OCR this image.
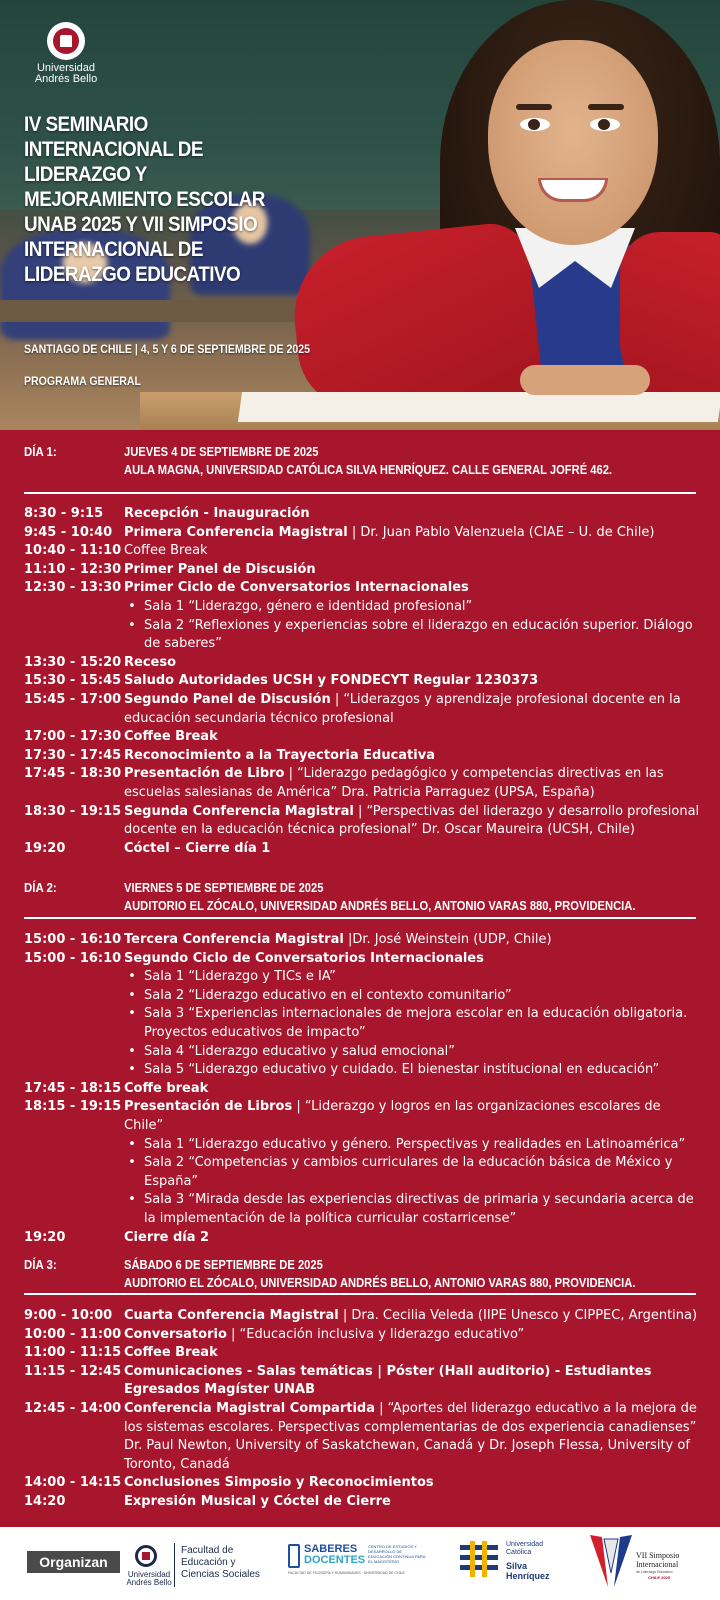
Universidad Andrés Bello
IV SEMINARIO INTERNACIONAL DE LIDERAZGO Y MEJORAMIENTO ESCOLAR UNAB 2025 Y VII SIMPOSIO INTERNACIONAL DE LIDERAZGO EDUCATIVO
SANTIAGO DE CHILE | 4, 5 Y 6 DE SEPTIEMBRE DE 2025
PROGRAMA GENERAL
DÍA 1:	JUEVES 4 DE SEPTIEMBRE DE 2025
AULA MAGNA, UNIVERSIDAD CATÓLICA SILVA HENRÍQUEZ. CALLE GENERAL JOFRÉ 462.
8:30 - 9:15	Recepción - Inauguración
9:45 - 10:40 Primera Conferencia Magistral | Dr. Juan Pablo Valenzuela (CIAE – U. de Chile)
10:40 - 11:10 Coffee Break
11:10 - 12:30 Primer Panel de Discusión
12:30 - 13:30 Primer Ciclo de Conversatorios Internacionales
• Sala 1 “Liderazgo, género e identidad profesional”
• Sala 2 “Reflexiones y experiencias sobre el liderazgo en educación superior. Diálogo de saberes”
13:30 - 15:20 Receso
15:30 - 15:45 Saludo Autoridades UCSH y FONDECYT Regular 1230373
15:45 - 17:00 Segundo Panel de Discusión | “Liderazgos y aprendizaje profesional docente en la educación secundaria técnico profesional
17:00 - 17:30 Coffee Break
17:30 - 17:45 Reconocimiento a la Trayectoria Educativa
17:45 - 18:30 Presentación de Libro | “Liderazgo pedagógico y competencias directivas en las escuelas salesianas de América” Dra. Patricia Parraguez (UPSA, España)
18:30 - 19:15 Segunda Conferencia Magistral | “Perspectivas del liderazgo y desarrollo profesional docente en la educación técnica profesional” Dr. Oscar Maureira (UCSH, Chile)
19:20	Cóctel – Cierre día 1
DÍA 2:	VIERNES 5 DE SEPTIEMBRE DE 2025
AUDITORIO EL ZÓCALO, UNIVERSIDAD ANDRÉS BELLO, ANTONIO VARAS 880, PROVIDENCIA.
15:00 - 16:10 Tercera Conferencia Magistral |Dr. José Weinstein (UDP, Chile)
15:00 - 16:10 Segundo Ciclo de Conversatorios Internacionales
• Sala 1 “Liderazgo y TICs e IA”
• Sala 2 “Liderazgo educativo en el contexto comunitario”
• Sala 3 “Experiencias internacionales de mejora escolar en la educación obligatoria. Proyectos educativos de impacto”
• Sala 4 “Liderazgo educativo y salud emocional”
• Sala 5 “Liderazgo educativo y cuidado. El bienestar institucional en educación”
17:45 - 18:15 Coffe break
18:15 - 19:15 Presentación de Libros | “Liderazgo y logros en las organizaciones escolares de Chile”
• Sala 1 “Liderazgo educativo y género. Perspectivas y realidades en Latinoamérica”
• Sala 2 “Competencias y cambios curriculares de la educación básica de México y España”
• Sala 3 “Mirada desde las experiencias directivas de primaria y secundaria acerca de la implementación de la política curricular costarricense”
19:20	Cierre día 2
DÍA 3:	SÁBADO 6 DE SEPTIEMBRE DE 2025
AUDITORIO EL ZÓCALO, UNIVERSIDAD ANDRÉS BELLO, ANTONIO VARAS 880, PROVIDENCIA.
9:00 - 10:00 Cuarta Conferencia Magistral | Dra. Cecilia Veleda (IIPE Unesco y CIPPEC, Argentina)
10:00 - 11:00 Conversatorio | “Educación inclusiva y liderazgo educativo”
11:00 - 11:15 Coffee Break
11:15 - 12:45 Comunicaciones - Salas temáticas | Póster (Hall auditorio) - Estudiantes Egresados Magíster UNAB
12:45 - 14:00 Conferencia Magistral Compartida | “Aportes del liderazgo educativo a la mejora de los sistemas escolares. Perspectivas complementarias de dos experiencia canadienses” Dr. Paul Newton, University of Saskatchewan, Canadá y Dr. Joseph Flessa, University of Toronto, Canadá
14:00 - 14:15 Conclusiones Simposio y Reconocimientos
14:20	Expresión Musical y Cóctel de Cierre
Organizan
Universidad Andrés Bello
Facultad de Educación y Ciencias Sociales
SABERES
DOCENTES
CENTRO DE ESTUDIOS Y DESARROLLO DE EDUCACIÓN CONTINUA PARA EL MAGISTERIO
FACULTAD DE FILOSOFÍA Y HUMANIDADES · UNIVERSIDAD DE CHILE
Universidad Católica
Silva Henríquez
VII Simposio Internacional
de Liderazgo Educativo
CHILE 2025
